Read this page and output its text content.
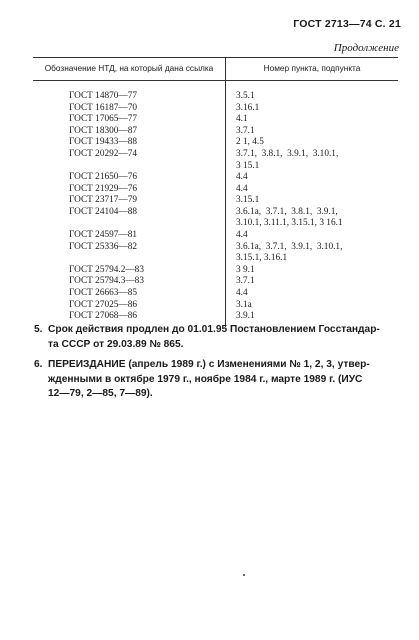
ГОСТ 2713—74 С. 21
Продолжение
Обозначение НТД, на который дана ссылка	Номер пункта, подпункта
ГОСТ 14870—77	3.5.1
ГОСТ 16187—70	3.16.1
ГОСТ 17065—77	4.1
ГОСТ 18300—87	3.7.1
ГОСТ 19433—88	2 1, 4.5
ГОСТ 20292—74	3.7.1,  3.8.1,  3.9.1,  3.10.1,
3 15.1
ГОСТ 21650—76	4.4
ГОСТ 21929—76	4.4
ГОСТ 23717—79	3.15.1
ГОСТ 24104—88	3.6.1а,  3.7.1,  3.8.1,  3.9.1,
3.10.1, 3.11.1, 3.15.1, 3 16.1
ГОСТ 24597—81	4.4
ГОСТ 25336—82	3.6.1а,  3.7.1,  3.9.1,  3.10.1,
3.15.1, 3.16.1
ГОСТ 25794.2—83	3 9.1
ГОСТ 25794.3—83	3.7.1
ГОСТ 26663—85	4.4
ГОСТ 27025—86	3.1а
ГОСТ 27068—86	3.9.1
5. Срок действия продлен до 01.01.95 Постановлением Госстандар-
та СССР от 29.03.89 № 865.
6. ПЕРЕИЗДАНИЕ (апрель 1989 г.) с Изменениями № 1, 2, 3, утвер-
жденными в октябре 1979 г., ноябре 1984 г., марте 1989 г. (ИУС
12—79, 2—85, 7—89).
